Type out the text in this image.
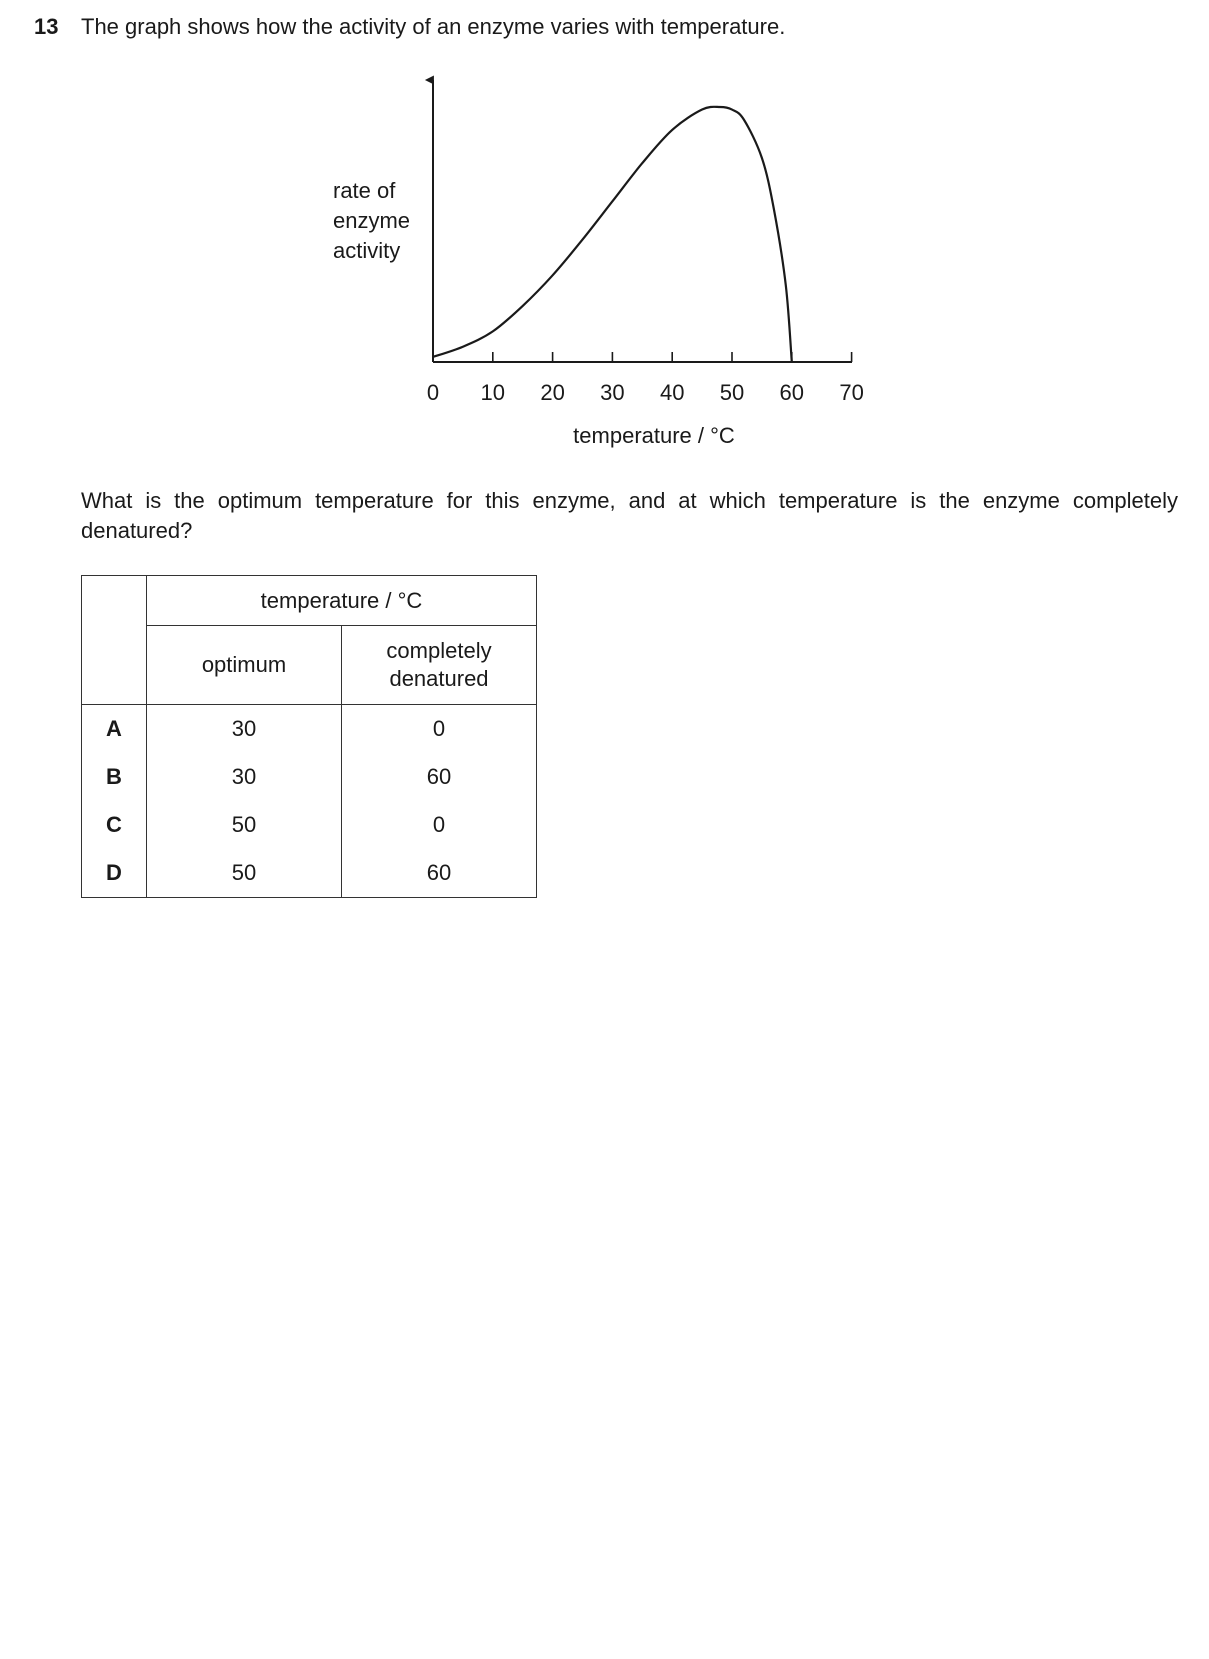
13 The graph shows how the activity of an enzyme varies with temperature.
0 10 20 30 40 50 60 70
rate of
enzyme
activity
temperature / °C
What is the optimum temperature for this enzyme, and at which temperature is the enzyme completely denatured?
	temperature / °C	
	optimum	completely
denatured
A	30	0
B	30	60
C	50	0
D	50	60
